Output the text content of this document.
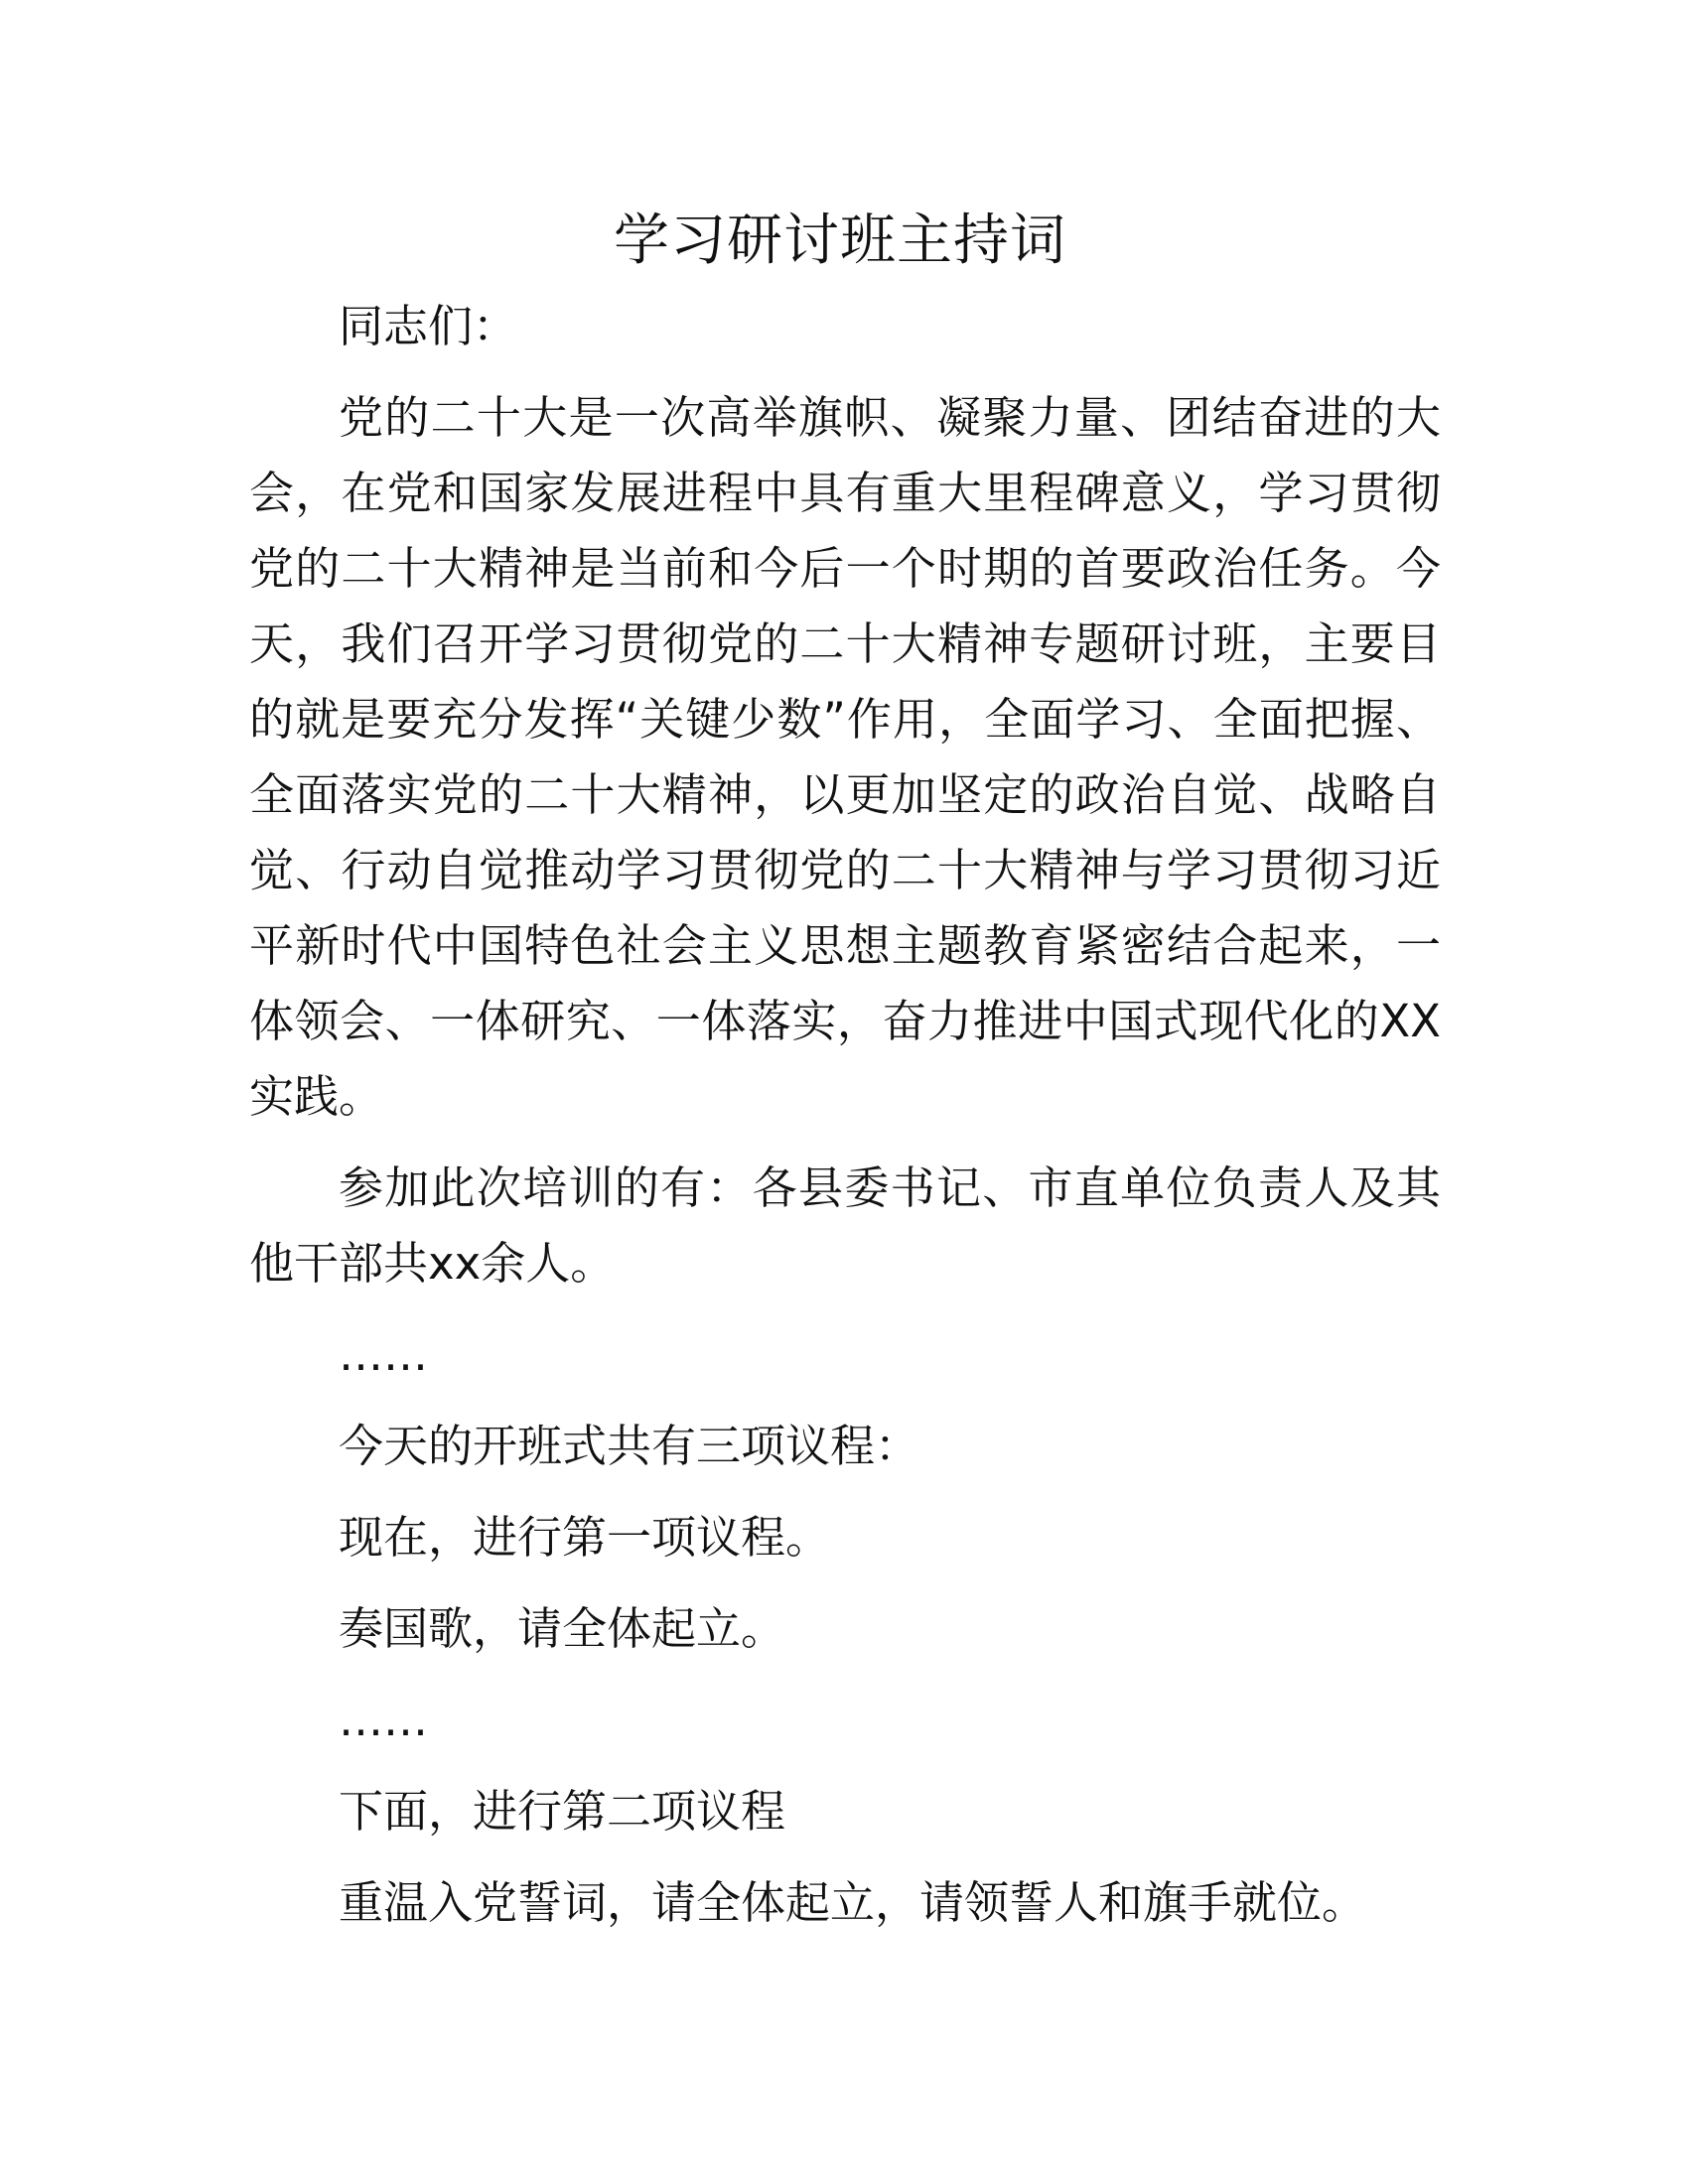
学习研讨班主持词

同志们：

党的二十大是一次高举旗帜、凝聚力量、团结奋进的大会，在党和国家发展进程中具有重大里程碑意义，学习贯彻党的二十大精神是当前和今后一个时期的首要政治任务。今天，我们召开学习贯彻党的二十大精神专题研讨班，主要目的就是要充分发挥“关键少数”作用，全面学习、全面把握、全面落实党的二十大精神，以更加坚定的政治自觉、战略自觉、行动自觉推动学习贯彻党的二十大精神与学习贯彻习近平新时代中国特色社会主义思想主题教育紧密结合起来，一体领会、一体研究、一体落实，奋力推进中国式现代化的XX实践。

参加此次培训的有：各县委书记、市直单位负责人及其他干部共xx余人。

……

今天的开班式共有三项议程：

现在，进行第一项议程。

奏国歌，请全体起立。

……

下面，进行第二项议程

重温入党誓词，请全体起立，请领誓人和旗手就位。
